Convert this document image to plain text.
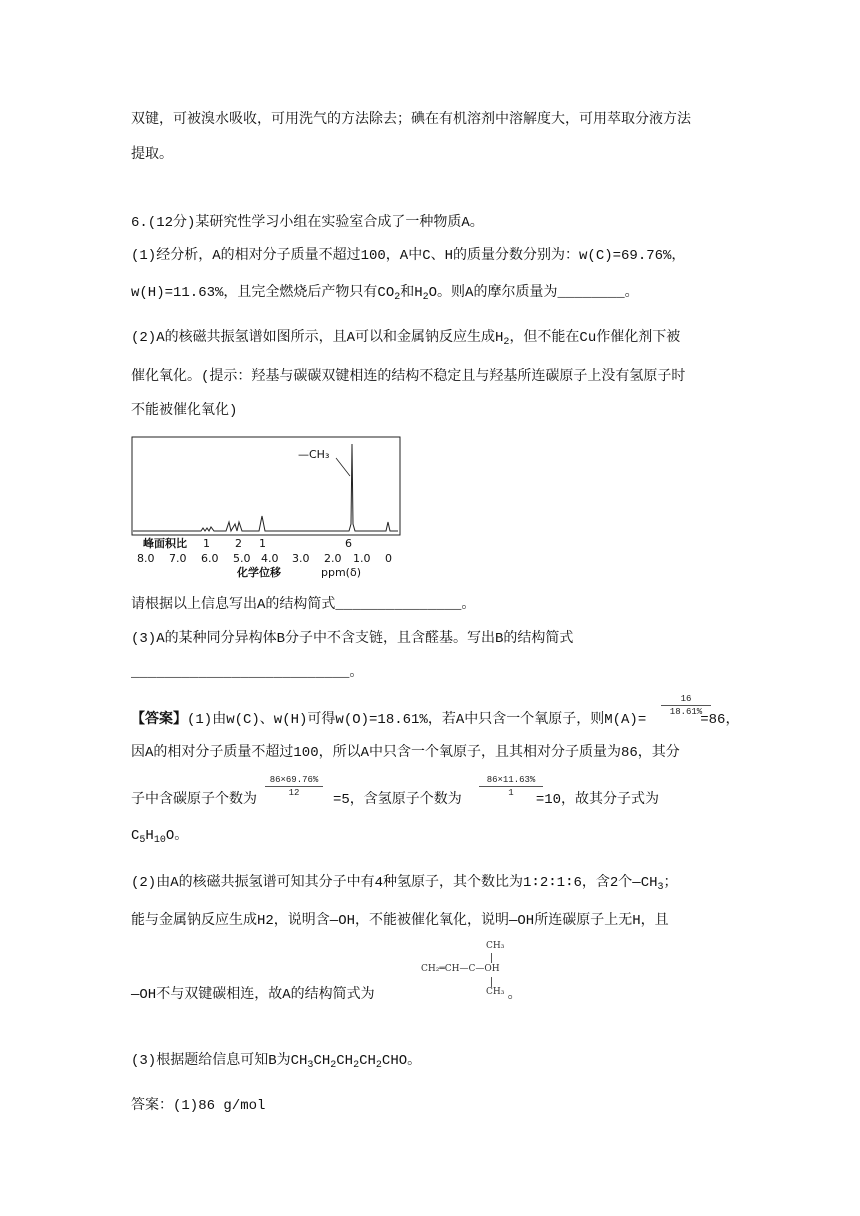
双键，可被溴水吸收，可用洗气的方法除去；碘在有机溶剂中溶解度大，可用萃取分液方法
提取。
6.(12分)某研究性学习小组在实验室合成了一种物质A。
(1)经分析，A的相对分子质量不超过100，A中C、H的质量分数分别为：w(C)=69.76%，
w(H)=11.63%，且完全燃烧后产物只有$CO_2$和$H_2O$。则A的摩尔质量为________。
(2)A的核磁共振氢谱如图所示，且A可以和金属钠反应生成$H_2$，但不能在Cu作催化剂下被
催化氧化。(提示：羟基与碳碳双键相连的结构不稳定且与羟基所连碳原子上没有氢原子时
不能被催化氧化)
—CH₃
峰面积比 1 2 1	6
8.0 7.0 6.0 5.0 4.0 3.0 2.0 1.0 0
化学位移	ppm(δ)
请根据以上信息写出A的结构简式_______________。
(3)A的某种同分异构体B分子中不含支链，且含醛基。写出B的结构简式
__________________________。
【答案】(1)由w(C)、w(H)可得w(O)=18.61%，若A中只含一个氧原子，则M(A)=	=86，
$\frac{16}{18.61\%}$
因A的相对分子质量不超过100，所以A中只含一个氧原子，且其相对分子质量为86，其分
子中含碳原子个数为	=5，含氢原子个数为	=10，故其分子式为
$\frac{86\times 69.76\%}{12}$	$\frac{86\times 11.63\%}{1}$
$C_5H_{10}O$。
(2)由A的核磁共振氢谱可知其分子中有4种氢原子，其个数比为1∶2∶1∶6，含2个$—CH_3$；
能与金属钠反应生成H2，说明含—OH，不能被催化氧化，说明—OH所连碳原子上无H，且
—OH不与双键碳相连，故A的结构简式为	。
CH₃
CH₂═CH—C—OH
CH₃
(3)根据题给信息可知B为$CH_3CH_2CH_2CH_2CHO$。
答案：(1)86 g/mol
